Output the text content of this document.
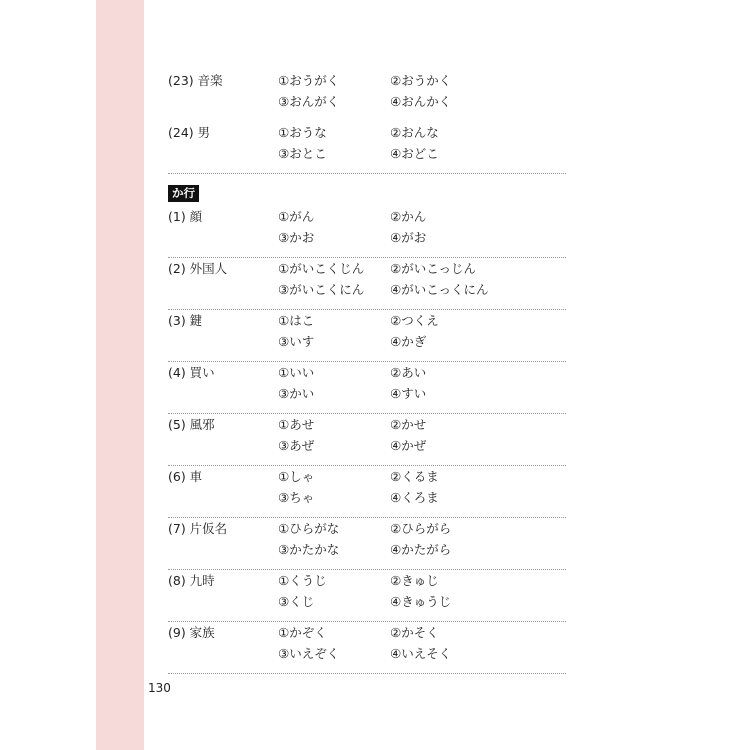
(23) 音楽	①おうがく	②おうかく
③おんがく	④おんかく
(24) 男	①おうな	②おんな
③おとこ	④おどこ
か行
(1) 顔	①がん	②かん
③かお	④がお
(2) 外国人	①がいこくじん ②がいこっじん
③がいこくにん ④がいこっくにん
(3) 鍵	①はこ	②つくえ
③いす	④かぎ
(4) 買い	①いい	②あい
③かい	④すい
(5) 風邪	①あせ	②かせ
③あぜ	④かぜ
(6) 車	①しゃ	②くるま
③ちゃ	④くろま
(7) 片仮名	①ひらがな	②ひらがら
③かたかな	④かたがら
(8) 九時	①くうじ	②きゅじ
③くじ	④きゅうじ
(9) 家族	①かぞく	②かそく
③いえぞく	④いえそく
130
